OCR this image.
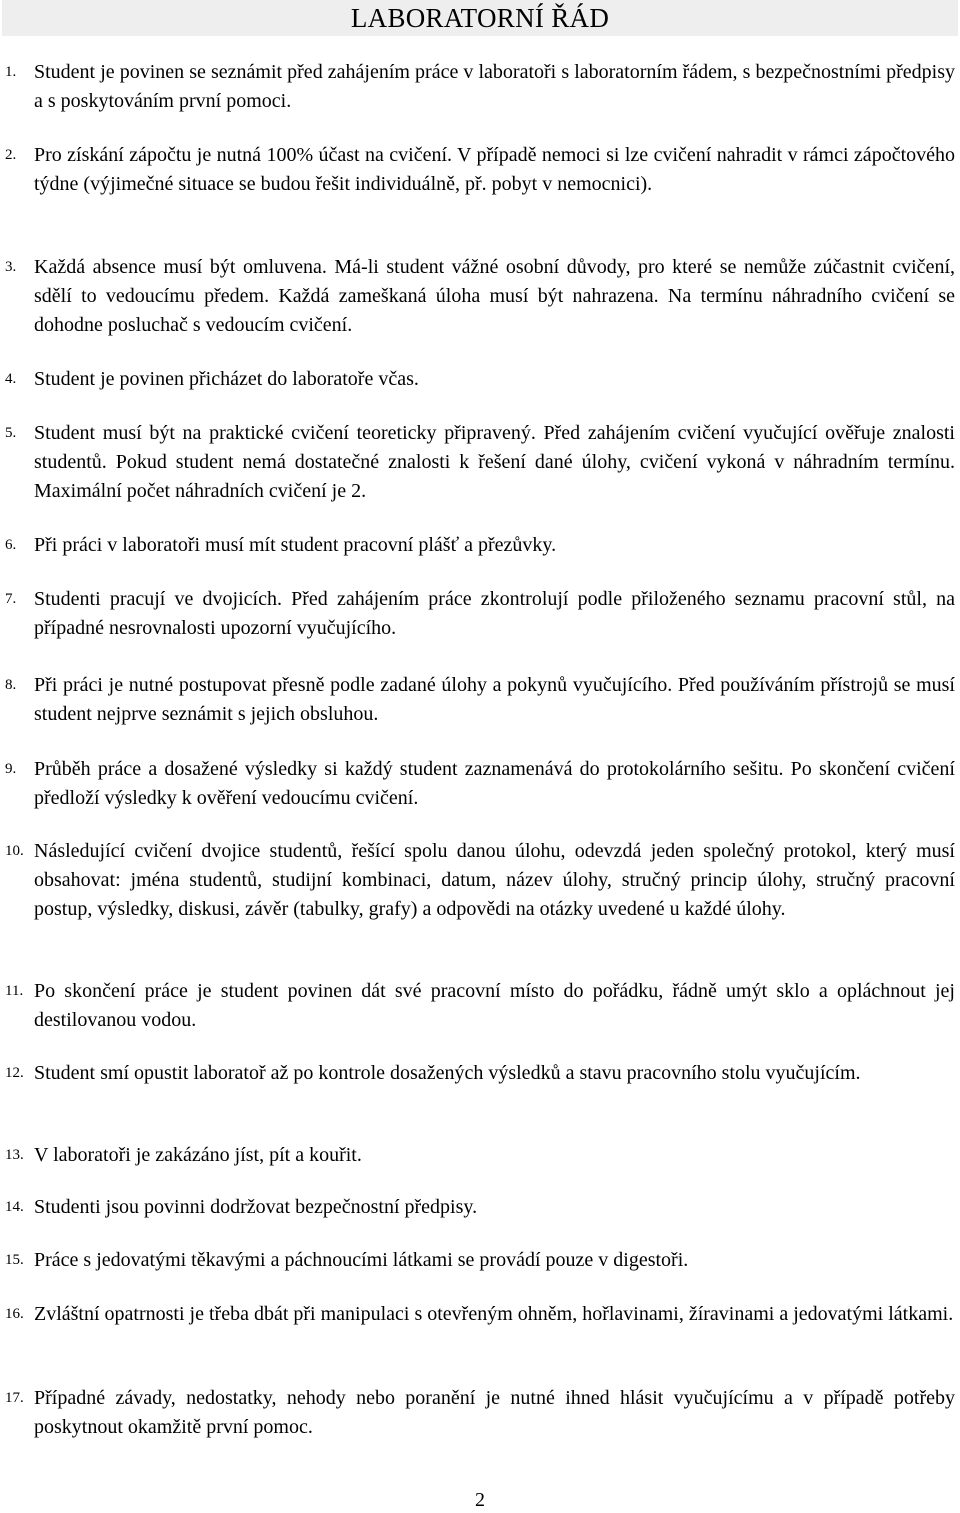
LABORATORNÍ ŘÁD
1. Student je povinen se seznámit před zahájením práce v laboratoři s laboratorním řádem, s bezpečnostními předpisy a s poskytováním první pomoci.

2. Pro získání zápočtu je nutná 100% účast na cvičení. V případě nemoci si lze cvičení nahradit v rámci zápočtového týdne (výjimečné situace se budou řešit individuálně, př. pobyt v nemocnici).

3. Každá absence musí být omluvena. Má-li student vážné osobní důvody, pro které se nemůže zúčastnit cvičení, sdělí to vedoucímu předem. Každá zameškaná úloha musí být nahrazena. Na termínu náhradního cvičení se dohodne posluchač s vedoucím cvičení.

4. Student je povinen přicházet do laboratoře včas.

5. Student musí být na praktické cvičení teoreticky připravený. Před zahájením cvičení vyučující ověřuje znalosti studentů. Pokud student nemá dostatečné znalosti k řešení dané úlohy, cvičení vykoná v náhradním termínu. Maximální počet náhradních cvičení je 2.

6. Při práci v laboratoři musí mít student pracovní plášť a přezůvky.

7. Studenti pracují ve dvojicích. Před zahájením práce zkontrolují podle přiloženého seznamu pracovní stůl, na případné nesrovnalosti upozorní vyučujícího.

8. Při práci je nutné postupovat přesně podle zadané úlohy a pokynů vyučujícího. Před používáním přístrojů se musí student nejprve seznámit s jejich obsluhou.

9. Průběh práce a dosažené výsledky si každý student zaznamenává do protokolárního sešitu. Po skončení cvičení předloží výsledky k ověření vedoucímu cvičení.

10. Následující cvičení dvojice studentů, řešící spolu danou úlohu, odevzdá jeden společný protokol, který musí obsahovat: jména studentů, studijní kombinaci, datum, název úlohy, stručný princip úlohy, stručný pracovní postup, výsledky, diskusi, závěr (tabulky, grafy) a odpovědi na otázky uvedené u každé úlohy.

11. Po skončení práce je student povinen dát své pracovní místo do pořádku, řádně umýt sklo a opláchnout jej destilovanou vodou.

12. Student smí opustit laboratoř až po kontrole dosažených výsledků a stavu pracovního stolu vyučujícím.

13. V laboratoři je zakázáno jíst, pít a kouřit.

14. Studenti jsou povinni dodržovat bezpečnostní předpisy.

15. Práce s jedovatými těkavými a páchnoucími látkami se provádí pouze v digestoři.

16. Zvláštní opatrnosti je třeba dbát při manipulaci s otevřeným ohněm, hořlavinami, žíravinami a jedovatými látkami.

17. Případné závady, nedostatky, nehody nebo poranění je nutné ihned hlásit vyučujícímu a v případě potřeby poskytnout okamžitě první pomoc.

2
